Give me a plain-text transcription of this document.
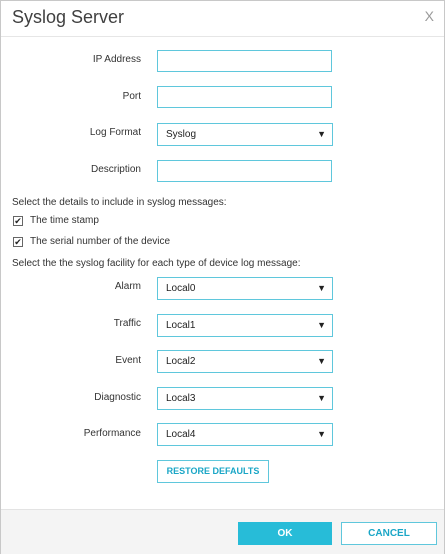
Syslog Server	X
IP Address
Port
Log Format	Syslog	▼
Description
Select the details to include in syslog messages:
✔ The time stamp
✔ The serial number of the device
Select the the syslog facility for each type of device log message:
Alarm	Local0	▼
Traffic	Local1	▼
Event	Local2	▼
Diagnostic	Local3	▼
Performance	Local4	▼
RESTORE DEFAULTS
OK	CANCEL
